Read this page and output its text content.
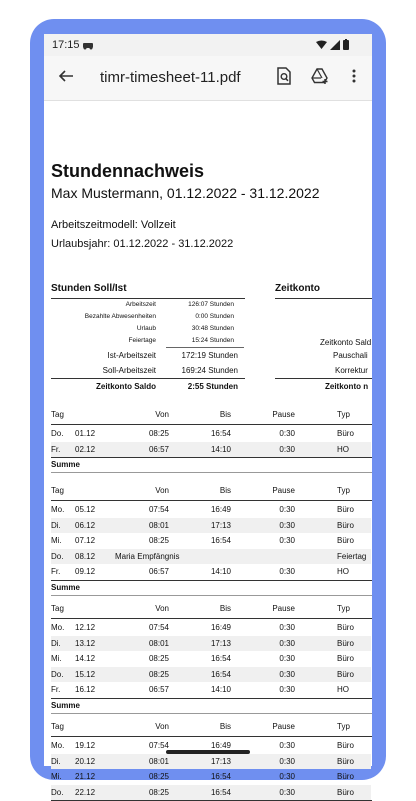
17:15
timr-timesheet-11.pdf
Stundennachweis
Max Mustermann, 01.12.2022 - 31.12.2022
Arbeitszeitmodell: Vollzeit
Urlaubsjahr: 01.12.2022 - 31.12.2022
Stunden Soll/Ist	Zeitkonto
Arbeitszeit	126:07 Stunden
Bezahlte Abwesenheiten	0:00 Stunden
Urlaub	30:48 Stunden
Feiertage	15:24 Stunden
Ist-Arbeitszeit	172:19 Stunden
Soll-Arbeitszeit	169:24 Stunden
Zeitkonto Saldo	2:55 Stunden
Zeitkonto Sald
Pauschali
Korrektur
Zeitkonto n
Tag	Von	Bis	Pause	Typ
Do.	01.12	08:25	16:54	0:30	Büro
Fr.	02.12	06:57	14:10	0:30	HO
Summe
Tag	Von	Bis	Pause	Typ
Mo.	05.12	07:54	16:49	0:30	Büro
Di.	06.12	08:01	17:13	0:30	Büro
Mi.	07.12	08:25	16:54	0:30	Büro
Do.	08.12	Maria Empfängnis	Feiertag
Fr.	09.12	06:57	14:10	0:30	HO
Summe
Tag	Von	Bis	Pause	Typ
Mo.	12.12	07:54	16:49	0:30	Büro
Di.	13.12	08:01	17:13	0:30	Büro
Mi.	14.12	08:25	16:54	0:30	Büro
Do.	15.12	08:25	16:54	0:30	Büro
Fr.	16.12	06:57	14:10	0:30	HO
Summe
Tag	Von	Bis	Pause	Typ
Mo.	19.12	07:54	16:49	0:30	Büro
Di.	20.12	08:01	17:13	0:30	Büro
Mi.	21.12	08:25	16:54	0:30	Büro
Do.	22.12	08:25	16:54	0:30	Büro
